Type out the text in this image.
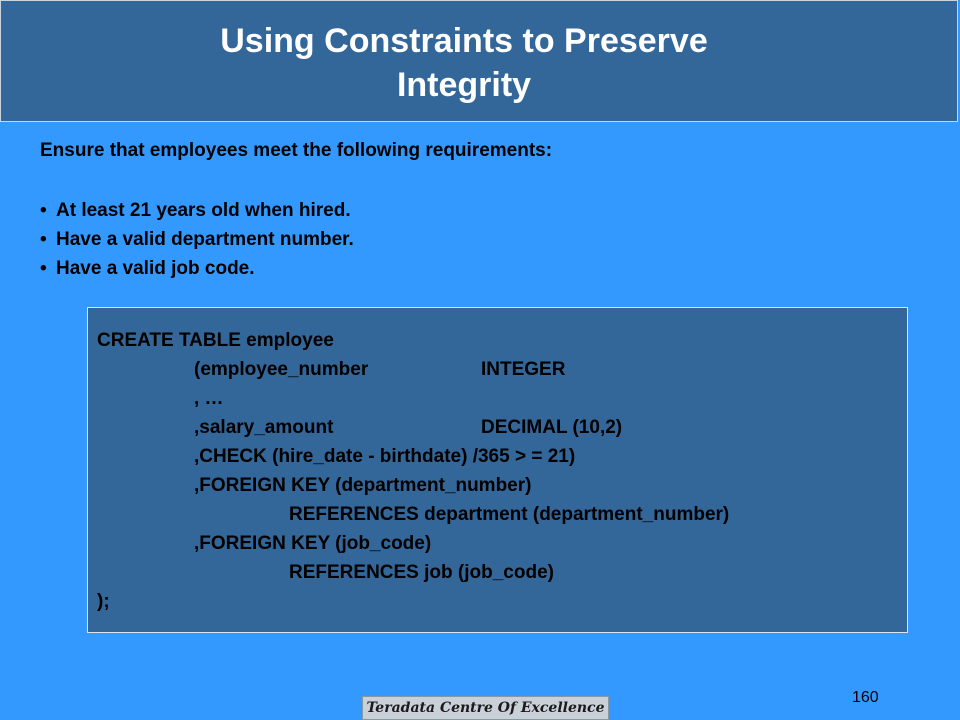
Using Constraints to Preserve
Integrity

Ensure that employees meet the following requirements:

• At least 21 years old when hired.
• Have a valid department number.
• Have a valid job code.
CREATE TABLE employee
(employee_number	INTEGER
, …
,salary_amount	DECIMAL (10,2)
,CHECK (hire_date - birthdate) /365 > = 21)
,FOREIGN KEY (department_number)
REFERENCES department (department_number)
,FOREIGN KEY (job_code)
REFERENCES job (job_code)
);
Teradata Centre Of Excellence
160
